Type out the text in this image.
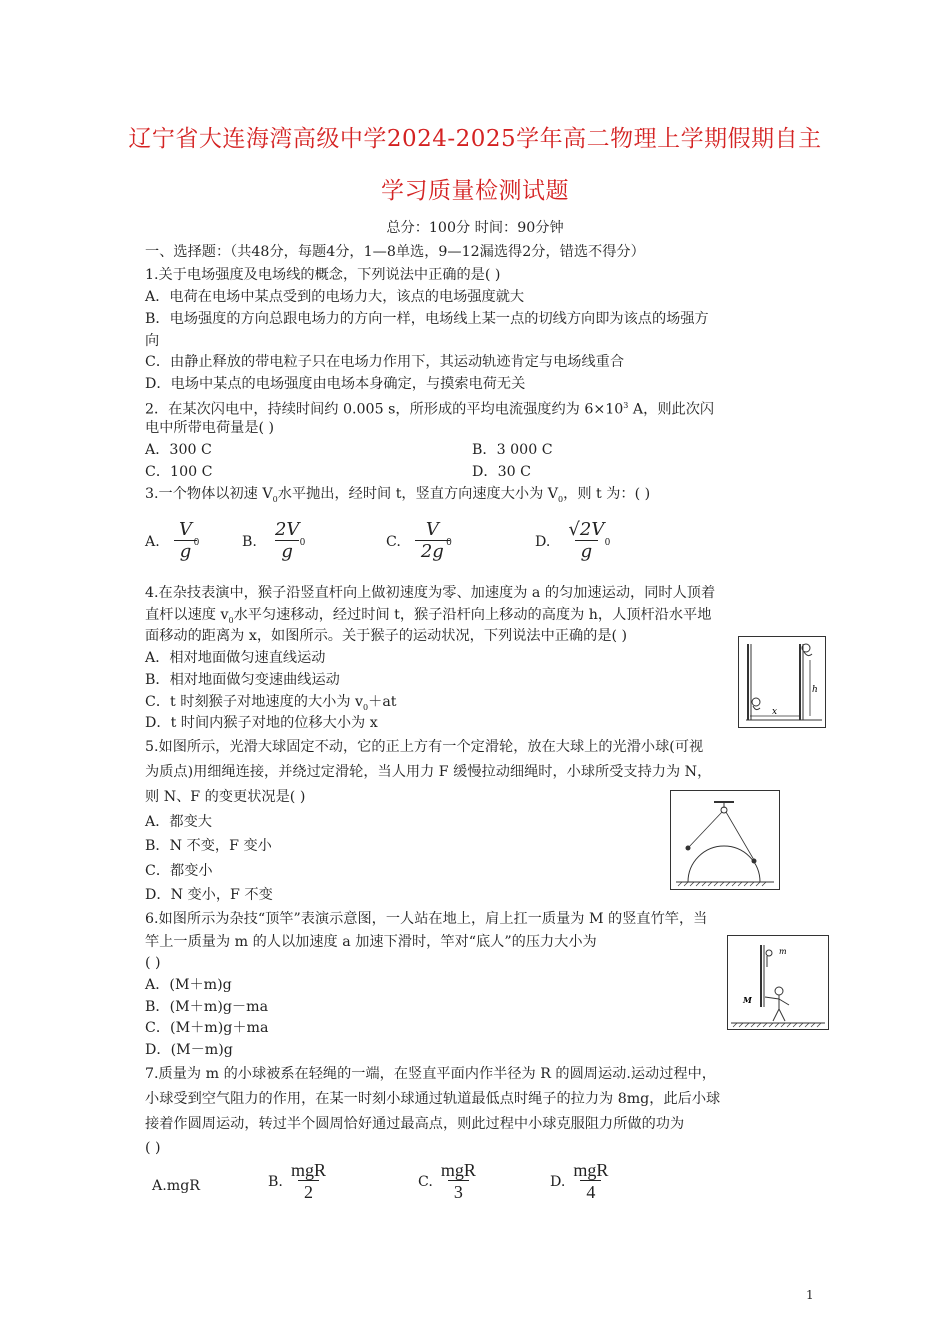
辽宁省大连海湾高级中学2024-2025学年高二物理上学期假期自主
学习质量检测试题
总分：100分 时间：90分钟
一、选择题：（共48分，每题4分，1—8单选，9—12漏选得2分，错选不得分）
1.关于电场强度及电场线的概念，下列说法中正确的是( )
A．电荷在电场中某点受到的电场力大，该点的电场强度就大
B．电场强度的方向总跟电场力的方向一样，电场线上某一点的切线方向即为该点的场强方
向
C．由静止释放的带电粒子只在电场力作用下，其运动轨迹肯定与电场线重合
D．电场中某点的电场强度由电场本身确定，与摸索电荷无关
2．在某次闪电中，持续时间约 0.005 s，所形成的平均电流强度约为 $6\times 10^3$ A，则此次闪
电中所带电荷量是( )
A．300 C	B．3 000 C
C．100 C	D．30 C
3.一个物体以初速 $V_0$水平抛出，经时间 t，竖直方向速度大小为 $V_0$，则 t 为：( )
A.
V
g 0	B.
2V
g 0	C.
V
2g 0	D.
√2V
g	0
4.在杂技表演中，猴子沿竖直杆向上做初速度为零、加速度为 a 的匀加速运动，同时人顶着
直杆以速度 $v_0$水平匀速移动，经过时间 t，猴子沿杆向上移动的高度为 h，人顶杆沿水平地
面移动的距离为 x，如图所示。关于猴子的运动状况，下列说法中正确的是( )
A．相对地面做匀速直线运动
B．相对地面做匀变速曲线运动
C．t 时刻猴子对地速度的大小为 $v_0+at$
D．t 时间内猴子对地的位移大小为 x
h
x
5.如图所示，光滑大球固定不动，它的正上方有一个定滑轮，放在大球上的光滑小球(可视
为质点)用细绳连接，并绕过定滑轮，当人用力 F 缓慢拉动细绳时，小球所受支持力为 N，
则 N、F 的变更状况是( )
A．都变大
B．N 不变，F 变小
C．都变小
D．N 变小，F 不变
6.如图所示为杂技“顶竿”表演示意图，一人站在地上，肩上扛一质量为 M 的竖直竹竿，当
竿上一质量为 m 的人以加速度 a 加速下滑时，竿对“底人”的压力大小为
( )
A．(M＋m)g
B．(M＋m)g－ma
C．(M＋m)g＋ma
D．(M－m)g
m
M
7.质量为 m 的小球被系在轻绳的一端，在竖直平面内作半径为 R 的圆周运动.运动过程中，
小球受到空气阻力的作用，在某一时刻小球通过轨道最低点时绳子的拉力为 8mg，此后小球
接着作圆周运动，转过半个圆周恰好通过最高点，则此过程中小球克服阻力所做的功为
( )
A.mgR	B. $\frac{\text{mgR}}{2}$	C. $\frac{\text{mgR}}{3}$	D. $\frac{\text{mgR}}{4}$
1
